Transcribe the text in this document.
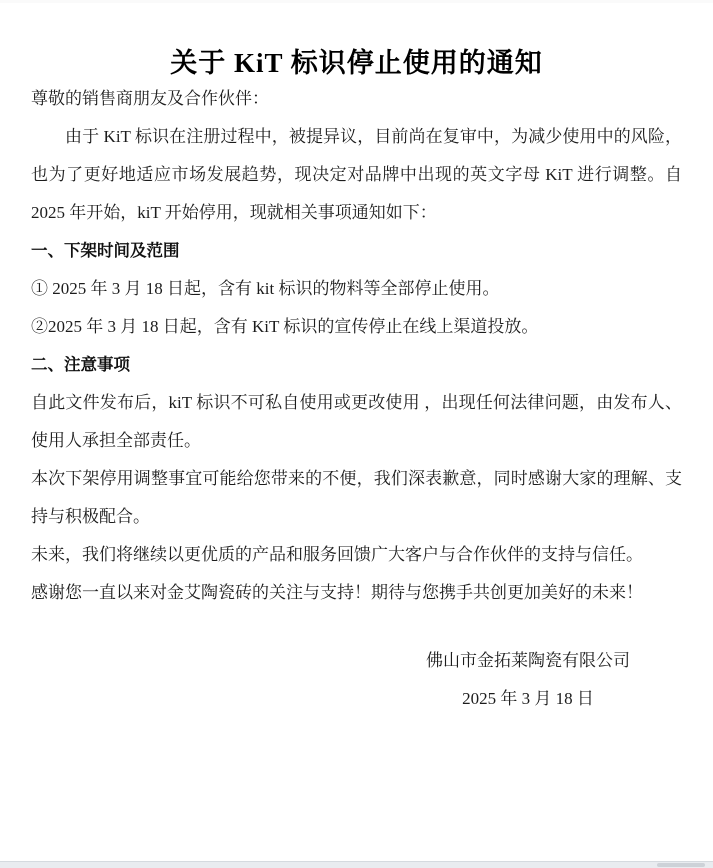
关于 KiT 标识停止使用的通知

尊敬的销售商朋友及合作伙伴：

由于 KiT 标识在注册过程中，被提异议，目前尚在复审中，为减少使用中的风险，也为了更好地适应市场发展趋势，现决定对品牌中出现的英文字母 KiT 进行调整。自 2025 年开始，kiT 开始停用，现就相关事项通知如下：

一、下架时间及范围

① 2025 年 3 月 18 日起，含有 kit 标识的物料等全部停止使用。

②2025 年 3 月 18 日起，含有 KiT 标识的宣传停止在线上渠道投放。

二、注意事项

自此文件发布后，kiT 标识不可私自使用或更改使用 ，出现任何法律问题，由发布人、使用人承担全部责任。

本次下架停用调整事宜可能给您带来的不便，我们深表歉意，同时感谢大家的理解、支持与积极配合。

未来，我们将继续以更优质的产品和服务回馈广大客户与合作伙伴的支持与信任。

感谢您一直以来对金艾陶瓷砖的关注与支持！期待与您携手共创更加美好的未来！

佛山市金拓莱陶瓷有限公司
2025 年 3 月 18 日
